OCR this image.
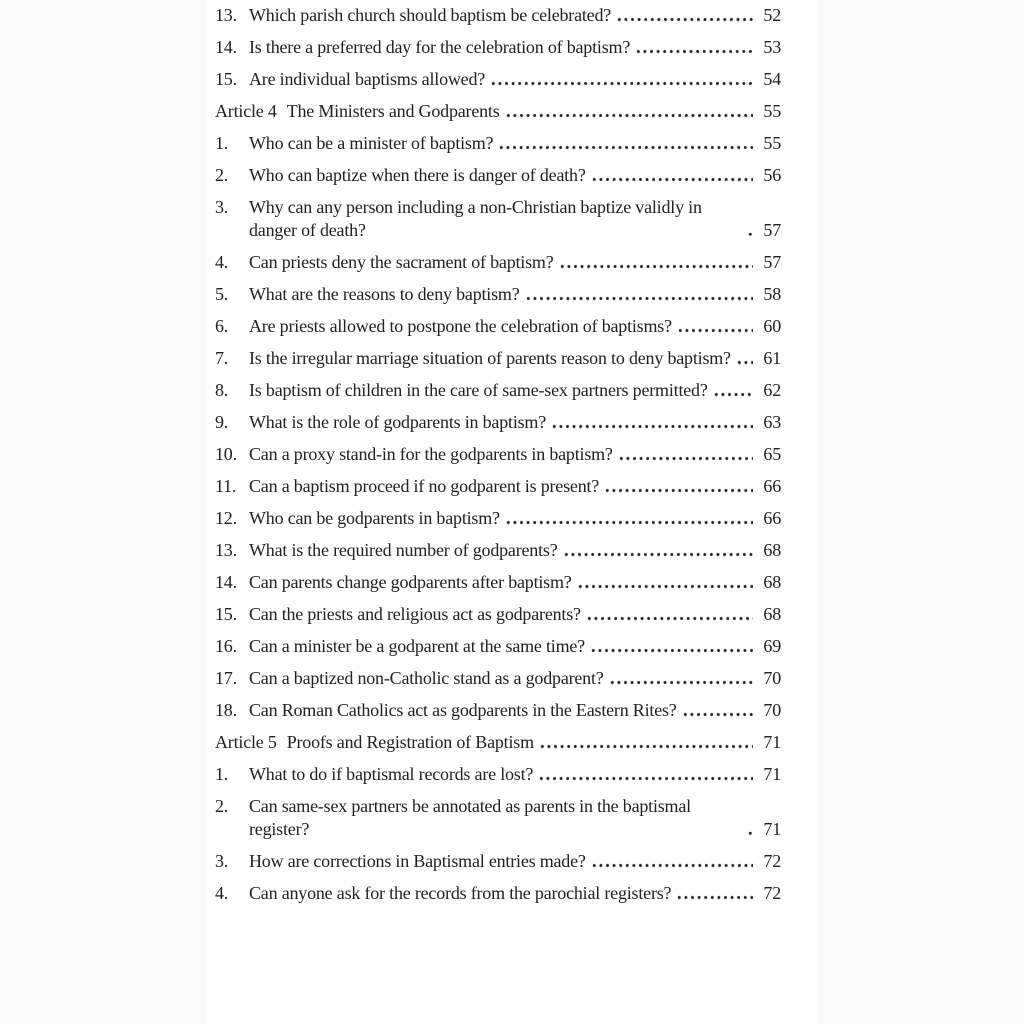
13. Which parish church should baptism be celebrated?	52
14. Is there a preferred day for the celebration of baptism?	53
15. Are individual baptisms allowed?	54
Article 4 The Ministers and Godparents	55
1.	Who can be a minister of baptism?	55
2.	Who can baptize when there is danger of death?	56
3.	Why can any person including a non-Christian baptize validly in danger of death?	57
4.	Can priests deny the sacrament of baptism?	57
5.	What are the reasons to deny baptism?	58
6.	Are priests allowed to postpone the celebration of baptisms?	60
7.	Is the irregular marriage situation of parents reason to deny baptism?	61
8.	Is baptism of children in the care of same-sex partners permitted?	62
9.	What is the role of godparents in baptism?	63
10. Can a proxy stand-in for the godparents in baptism?	65
11. Can a baptism proceed if no godparent is present?	66
12. Who can be godparents in baptism?	66
13. What is the required number of godparents?	68
14. Can parents change godparents after baptism?	68
15. Can the priests and religious act as godparents?	68
16. Can a minister be a godparent at the same time?	69
17. Can a baptized non-Catholic stand as a godparent?	70
18. Can Roman Catholics act as godparents in the Eastern Rites?	70
Article 5 Proofs and Registration of Baptism	71
1.	What to do if baptismal records are lost?	71
2.	Can same-sex partners be annotated as parents in the baptismal register?	71
3.	How are corrections in Baptismal entries made?	72
4.	Can anyone ask for the records from the parochial registers?	72
